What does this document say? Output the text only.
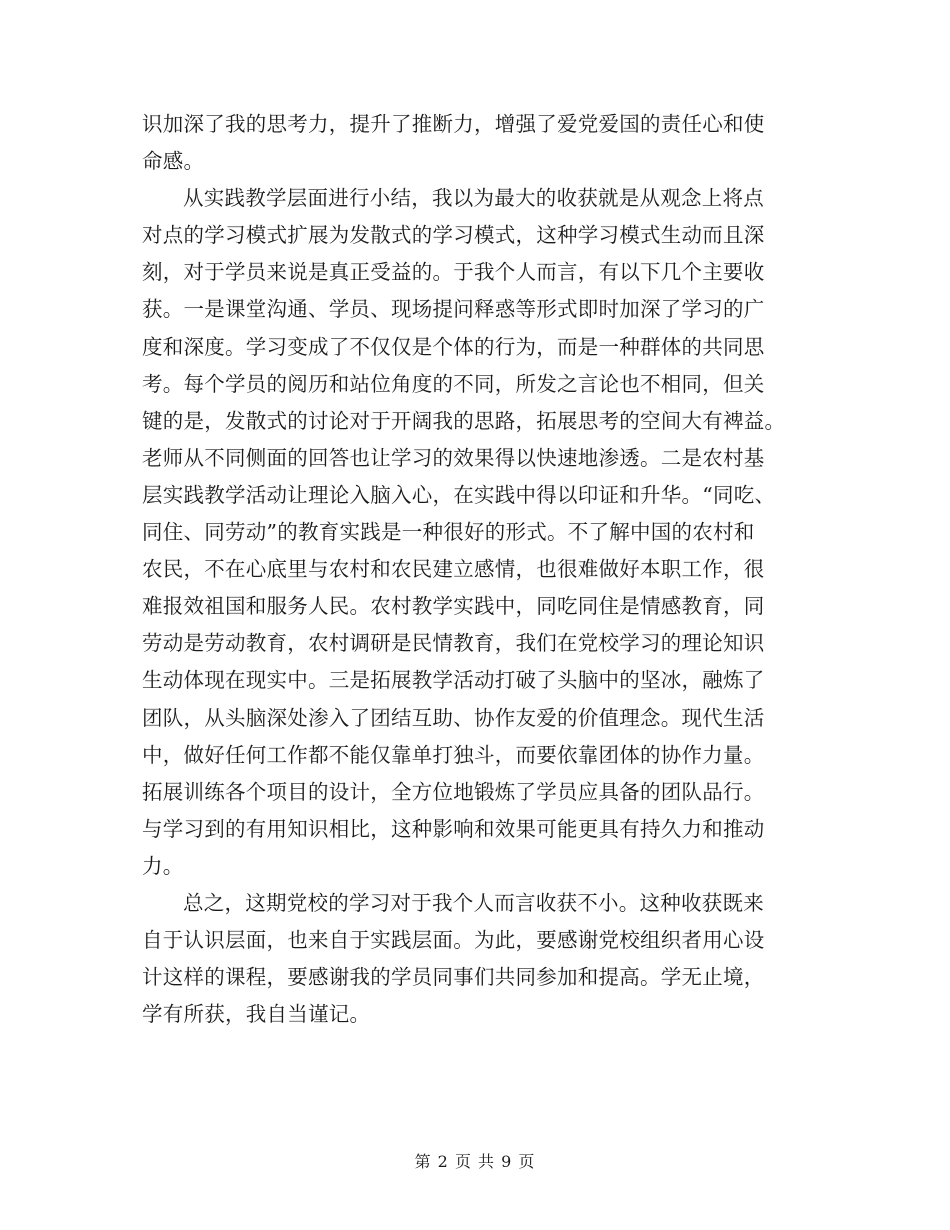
识加深了我的思考力，提升了推断力，增强了爱党爱国的责任心和使
命感。
从实践教学层面进行小结，我以为最大的收获就是从观念上将点
对点的学习模式扩展为发散式的学习模式，这种学习模式生动而且深
刻，对于学员来说是真正受益的。于我个人而言，有以下几个主要收
获。一是课堂沟通、学员、现场提问释惑等形式即时加深了学习的广
度和深度。学习变成了不仅仅是个体的行为，而是一种群体的共同思
考。每个学员的阅历和站位角度的不同，所发之言论也不相同，但关
键的是，发散式的讨论对于开阔我的思路，拓展思考的空间大有裨益。
老师从不同侧面的回答也让学习的效果得以快速地渗透。二是农村基
层实践教学活动让理论入脑入心，在实践中得以印证和升华。“同吃、
同住、同劳动”的教育实践是一种很好的形式。不了解中国的农村和
农民，不在心底里与农村和农民建立感情，也很难做好本职工作，很
难报效祖国和服务人民。农村教学实践中，同吃同住是情感教育，同
劳动是劳动教育，农村调研是民情教育，我们在党校学习的理论知识
生动体现在现实中。三是拓展教学活动打破了头脑中的坚冰，融炼了
团队，从头脑深处渗入了团结互助、协作友爱的价值理念。现代生活
中，做好任何工作都不能仅靠单打独斗，而要依靠团体的协作力量。
拓展训练各个项目的设计，全方位地锻炼了学员应具备的团队品行。
与学习到的有用知识相比，这种影响和效果可能更具有持久力和推动
力。
总之，这期党校的学习对于我个人而言收获不小。这种收获既来
自于认识层面，也来自于实践层面。为此，要感谢党校组织者用心设
计这样的课程，要感谢我的学员同事们共同参加和提高。学无止境，
学有所获，我自当谨记。
第 2 页 共 9 页
